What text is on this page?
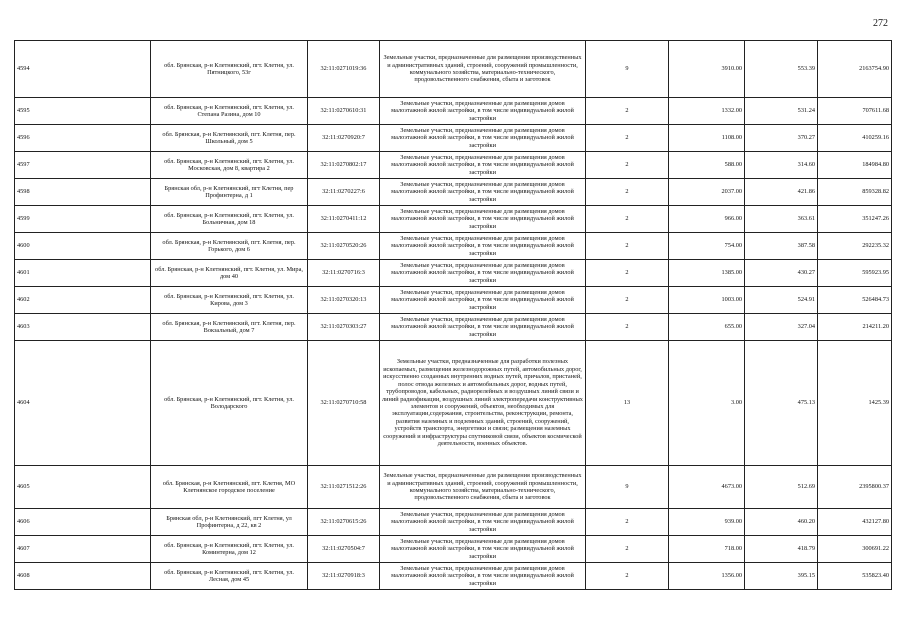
272
4594	обл. Брянская, р-н Клетнянский, пгт. Клетня, ул. Пятницкого, 53г	32:11:0271019:36	Земельные участки, предназначенные для размещения производственных и административных зданий, строений, сооружений промышленности, коммунального хозяйства, материально-технического, продовольственного снабжения, сбыта и заготовок	9	3910.00	553.39	2163754.90
4595	обл. Брянская, р-н Клетнянский, пгт. Клетня, ул. Степана Разина, дом 10	32:11:0270610:31	Земельные участки, предназначенные для размещения домов малоэтажной жилой застройки, в том числе индивидуальной жилой застройки	2	1332.00	531.24	707611.68
4596	обл. Брянская, р-н Клетнянский, пгт. Клетня, пер. Школьный, дом 5	32:11:0270920:7	Земельные участки, предназначенные для размещения домов малоэтажной жилой застройки, в том числе индивидуальной жилой застройки	2	1108.00	370.27	410259.16
4597	обл. Брянская, р-н Клетнянский, пгт. Клетня, ул. Московская, дом 8, квартира 2	32:11:0270802:17	Земельные участки, предназначенные для размещения домов малоэтажной жилой застройки, в том числе индивидуальной жилой застройки	2	588.00	314.60	184984.80
4598	Брянская обл, р-н Клетнянский, пгт Клетня, пер Профинтерна, д 1	32:11:0270227:6	Земельные участки, предназначенные для размещения домов малоэтажной жилой застройки, в том числе индивидуальной жилой застройки	2	2037.00	421.86	859328.82
4599	обл. Брянская, р-н Клетнянский, пгт. Клетня, ул. Больничная, дом 18	32:11:0270411:12	Земельные участки, предназначенные для размещения домов малоэтажной жилой застройки, в том числе индивидуальной жилой застройки	2	966.00	363.61	351247.26
4600	обл. Брянская, р-н Клетнянский, пгт. Клетня, пер. Горького, дом 6	32:11:0270520:26	Земельные участки, предназначенные для размещения домов малоэтажной жилой застройки, в том числе индивидуальной жилой застройки	2	754.00	387.58	292235.32
4601	обл. Брянская, р-н Клетнянский, пгт. Клетня, ул. Мира, дом 40	32:11:0270716:3	Земельные участки, предназначенные для размещения домов малоэтажной жилой застройки, в том числе индивидуальной жилой застройки	2	1385.00	430.27	595923.95
4602	обл. Брянская, р-н Клетнянский, пгт. Клетня, ул. Кирова, дом 3	32:11:0270320:13	Земельные участки, предназначенные для размещения домов малоэтажной жилой застройки, в том числе индивидуальной жилой застройки	2	1003.00	524.91	526484.73
4603	обл. Брянская, р-н Клетнянский, пгт. Клетня, пер. Вокзальный, дом 7	32:11:0270303:27	Земельные участки, предназначенные для размещения домов малоэтажной жилой застройки, в том числе индивидуальной жилой застройки	2	655.00	327.04	214211.20
4604	обл. Брянская, р-н Клетнянский, пгт. Клетня, ул. Володарского	32:11:0270710:58	Земельные участки, предназначенные для разработки полезных ископаемых, размещения железнодорожных путей, автомобильных дорог, искусственно созданных внутренних водных путей, причалов, пристаней, полос отвода железных и автомобильных дорог, водных путей, трубопроводов, кабельных, радиорелейных и воздушных линий связи и линий радиофикации, воздушных линий электропередачи конструктивных элементов и сооружений, объектов, необходимых для эксплуатации,содержания, строительства, реконструкции, ремонта, развития наземных и подземных зданий, строений, сооружений, устройств транспорта, энергетики и связи; размещения наземных сооружений и инфраструктуры спутниковой связи, объектов космической деятельности, военных объектов.	13	3.00	475.13	1425.39
4605	обл. Брянская, р-н Клетнянский, пгт. Клетня, МО Клетнянское городское поселение	32:11:0271512:26	Земельные участки, предназначенные для размещения производственных и административных зданий, строений, сооружений промышленности, коммунального хозяйства, материально-технического, продовольственного снабжения, сбыта и заготовок	9	4673.00	512.69	2395800.37
4606	Брянская обл, р-н Клетнянский, пгт Клетня, ул Профинтерна, д 22, кв 2	32:11:0270615:26	Земельные участки, предназначенные для размещения домов малоэтажной жилой застройки, в том числе индивидуальной жилой застройки	2	939.00	460.20	432127.80
4607	обл. Брянская, р-н Клетнянский, пгт. Клетня, ул. Коминтерна, дом 12	32:11:0270504:7	Земельные участки, предназначенные для размещения домов малоэтажной жилой застройки, в том числе индивидуальной жилой застройки	2	718.00	418.79	300691.22
4608	обл. Брянская, р-н Клетнянский, пгт. Клетня, ул. Лесная, дом 45	32:11:0270918:3	Земельные участки, предназначенные для размещения домов малоэтажной жилой застройки, в том числе индивидуальной жилой застройки	2	1356.00	395.15	535823.40
